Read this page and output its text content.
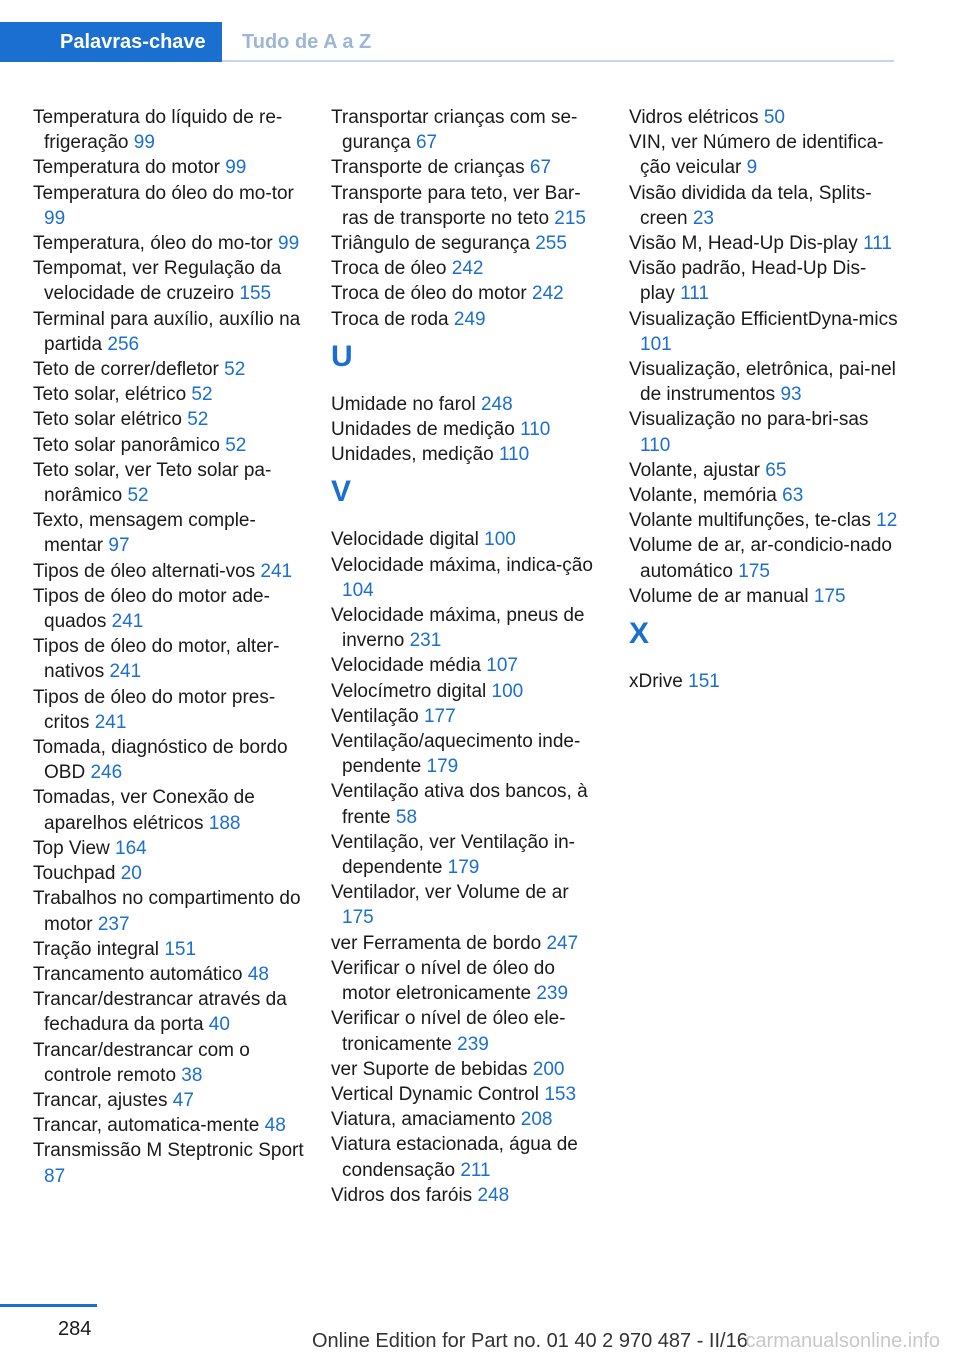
Palavras-chave	Tudo de A a Z
Temperatura do líquido de re-frigeração 99
Temperatura do motor 99
Temperatura do óleo do mo-tor 99
Temperatura, óleo do mo-tor 99
Tempomat, ver Regulação da velocidade de cruzeiro 155
Terminal para auxílio, auxílio na partida 256
Teto de correr/defletor 52
Teto solar, elétrico 52
Teto solar elétrico 52
Teto solar panorâmico 52
Teto solar, ver Teto solar pa-norâmico 52
Texto, mensagem comple-mentar 97
Tipos de óleo alternati-vos 241
Tipos de óleo do motor ade-quados 241
Tipos de óleo do motor, alter-nativos 241
Tipos de óleo do motor pres-critos 241
Tomada, diagnóstico de bordo OBD 246
Tomadas, ver Conexão de aparelhos elétricos 188
Top View 164
Touchpad 20
Trabalhos no compartimento do motor 237
Tração integral 151
Trancamento automático 48
Trancar/destrancar através da fechadura da porta 40
Trancar/destrancar com o controle remoto 38
Trancar, ajustes 47
Trancar, automatica-mente 48
Transmissão M Steptronic Sport 87
Transportar crianças com se-gurança 67
Transporte de crianças 67
Transporte para teto, ver Bar-ras de transporte no teto 215
Triângulo de segurança 255
Troca de óleo 242
Troca de óleo do motor 242
Troca de roda 249
U
Umidade no farol 248
Unidades de medição 110
Unidades, medição 110
V
Velocidade digital 100
Velocidade máxima, indica-ção 104
Velocidade máxima, pneus de inverno 231
Velocidade média 107
Velocímetro digital 100
Ventilação 177
Ventilação/aquecimento inde-pendente 179
Ventilação ativa dos bancos, à frente 58
Ventilação, ver Ventilação in-dependente 179
Ventilador, ver Volume de ar 175
ver Ferramenta de bordo 247
Verificar o nível de óleo do motor eletronicamente 239
Verificar o nível de óleo ele-tronicamente 239
ver Suporte de bebidas 200
Vertical Dynamic Control 153
Viatura, amaciamento 208
Viatura estacionada, água de condensação 211
Vidros dos faróis 248
Vidros elétricos 50
VIN, ver Número de identifica-ção veicular 9
Visão dividida da tela, Splits-creen 23
Visão M, Head-Up Dis-play 111
Visão padrão, Head-Up Dis-play 111
Visualização EfficientDyna-mics 101
Visualização, eletrônica, pai-nel de instrumentos 93
Visualização no para-bri-sas 110
Volante, ajustar 65
Volante, memória 63
Volante multifunções, te-clas 12
Volume de ar, ar-condicio-nado automático 175
Volume de ar manual 175
X
xDrive 151
284
Online Edition for Part no. 01 40 2 970 487 - II/16
carmanualsonline.info
